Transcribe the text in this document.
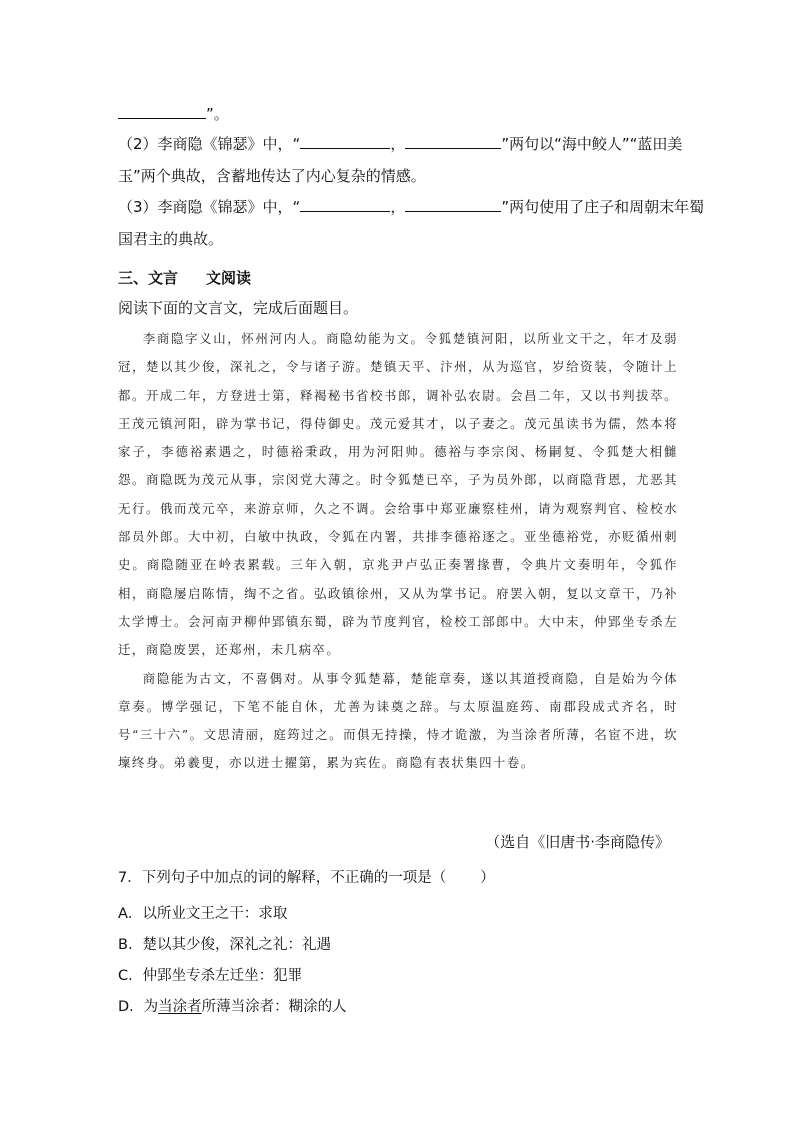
”。
（2）李商隐《锦瑟》中，“	，	”两句以“海中鲛人”“蓝田美
玉”两个典故，含蓄地传达了内心复杂的情感。
（3）李商隐《锦瑟》中，“	，	”两句使用了庄子和周朝末年蜀
国君主的典故。
三、文言 文阅读
阅读下面的文言文，完成后面题目。

李商隐字义山，怀州河内人。商隐幼能为文。令狐楚镇河阳，以所业文干之，年才及弱冠，楚以其少俊，深礼之，令与诸子游。楚镇天平、汴州，从为巡官，岁给资装，令随计上都。开成二年，方登进士第，释褐秘书省校书郎，调补弘农尉。会昌二年，又以书判拔萃。王茂元镇河阳，辟为掌书记，得侍御史。茂元爱其才，以子妻之。茂元虽读书为儒，然本将家子，李德裕素遇之，时德裕秉政，用为河阳帅。德裕与李宗闵、杨嗣复、令狐楚大相雠怨。商隐既为茂元从事，宗闵党大薄之。时令狐楚已卒，子为员外郎，以商隐背恩，尤恶其无行。俄而茂元卒，来游京师，久之不调。会给事中郑亚廉察桂州，请为观察判官、检校水部员外郎。大中初，白敏中执政，令狐在内署，共排李德裕逐之。亚坐德裕党，亦贬循州刺史。商隐随亚在岭表累载。三年入朝，京兆尹卢弘正奏署掾曹，令典片文奏明年，令狐作相，商隐屡启陈情，绹不之省。弘政镇徐州，又从为掌书记。府罢入朝，复以文章干，乃补太学博士。会河南尹柳仲郢镇东蜀，辟为节度判官，检校工部郎中。大中末，仲郢坐专杀左迁，商隐废罢，还郑州，未几病卒。

商隐能为古文，不喜偶对。从事令狐楚幕，楚能章奏，遂以其道授商隐，自是始为今体章奏。博学强记，下笔不能自休，尤善为诔奠之辞。与太原温庭筠、南郡段成式齐名，时号“三十六”。文思清丽，庭筠过之。而俱无持操，恃才诡激，为当涂者所薄，名宦不进，坎壈终身。弟羲叟，亦以进士擢第，累为宾佐。商隐有表状集四十卷。

（选自《旧唐书·李商隐传》
7．下列句子中加点的词的解释，不正确的一项是（ ）
A．以所业文王之干：求取
B．楚以其少俊，深礼之礼：礼遇
C．仲郢坐专杀左迁坐：犯罪
D．为当涂者所薄当涂者：糊涂的人
